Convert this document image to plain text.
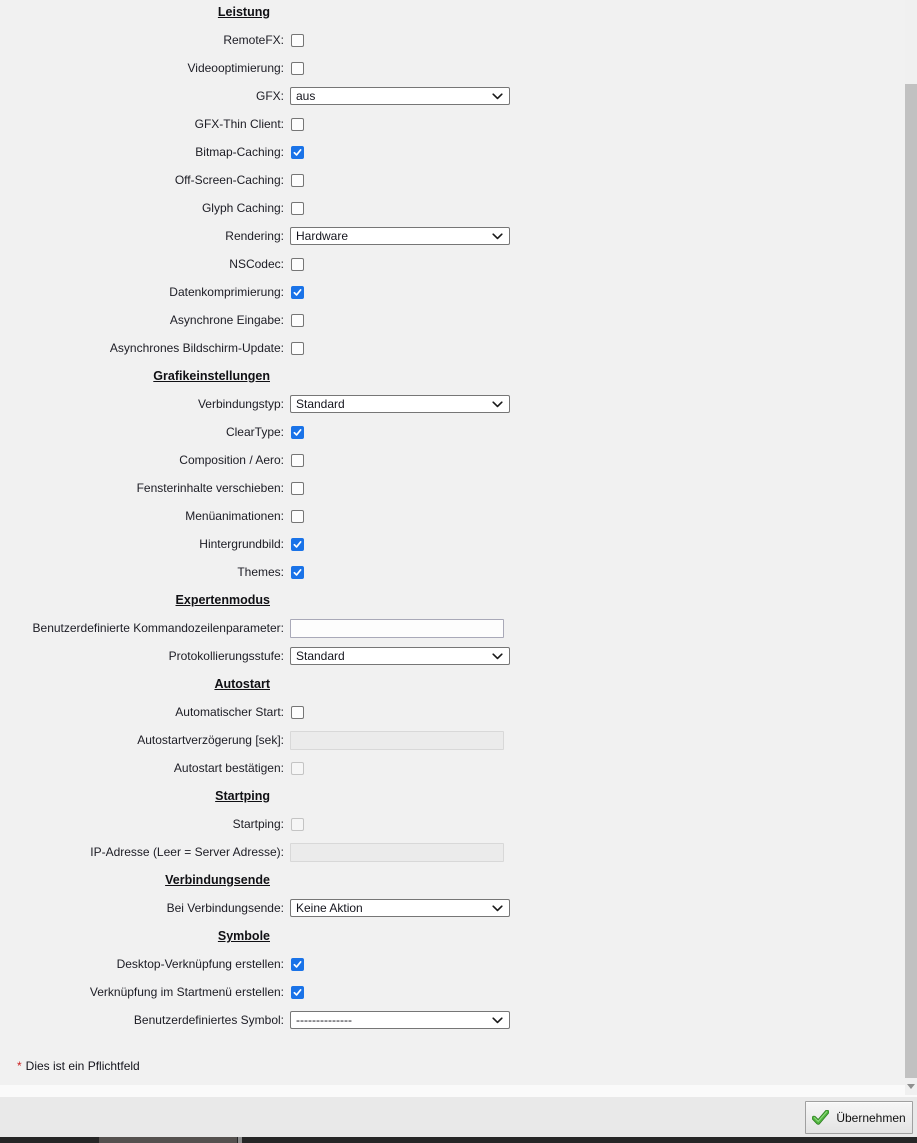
Leistung
RemoteFX:
Videooptimierung:
GFX: aus
GFX-Thin Client:
Bitmap-Caching:
Off-Screen-Caching:
Glyph Caching:
Rendering: Hardware
NSCodec:
Datenkomprimierung:
Asynchrone Eingabe:
Asynchrones Bildschirm-Update:
Grafikeinstellungen
Verbindungstyp: Standard
ClearType:
Composition / Aero:
Fensterinhalte verschieben:
Menüanimationen:
Hintergrundbild:
Themes:
Expertenmodus
Benutzerdefinierte Kommandozeilenparameter:
Protokollierungsstufe: Standard
Autostart
Automatischer Start:
Autostartverzögerung [sek]:
Autostart bestätigen:
Startping
Startping:
IP-Adresse (Leer = Server Adresse):
Verbindungsende
Bei Verbindungsende: Keine Aktion
Symbole
Desktop-Verknüpfung erstellen:
Verknüpfung im Startmenü erstellen:
Benutzerdefiniertes Symbol: --------------
* Dies ist ein Pflichtfeld
Übernehmen
